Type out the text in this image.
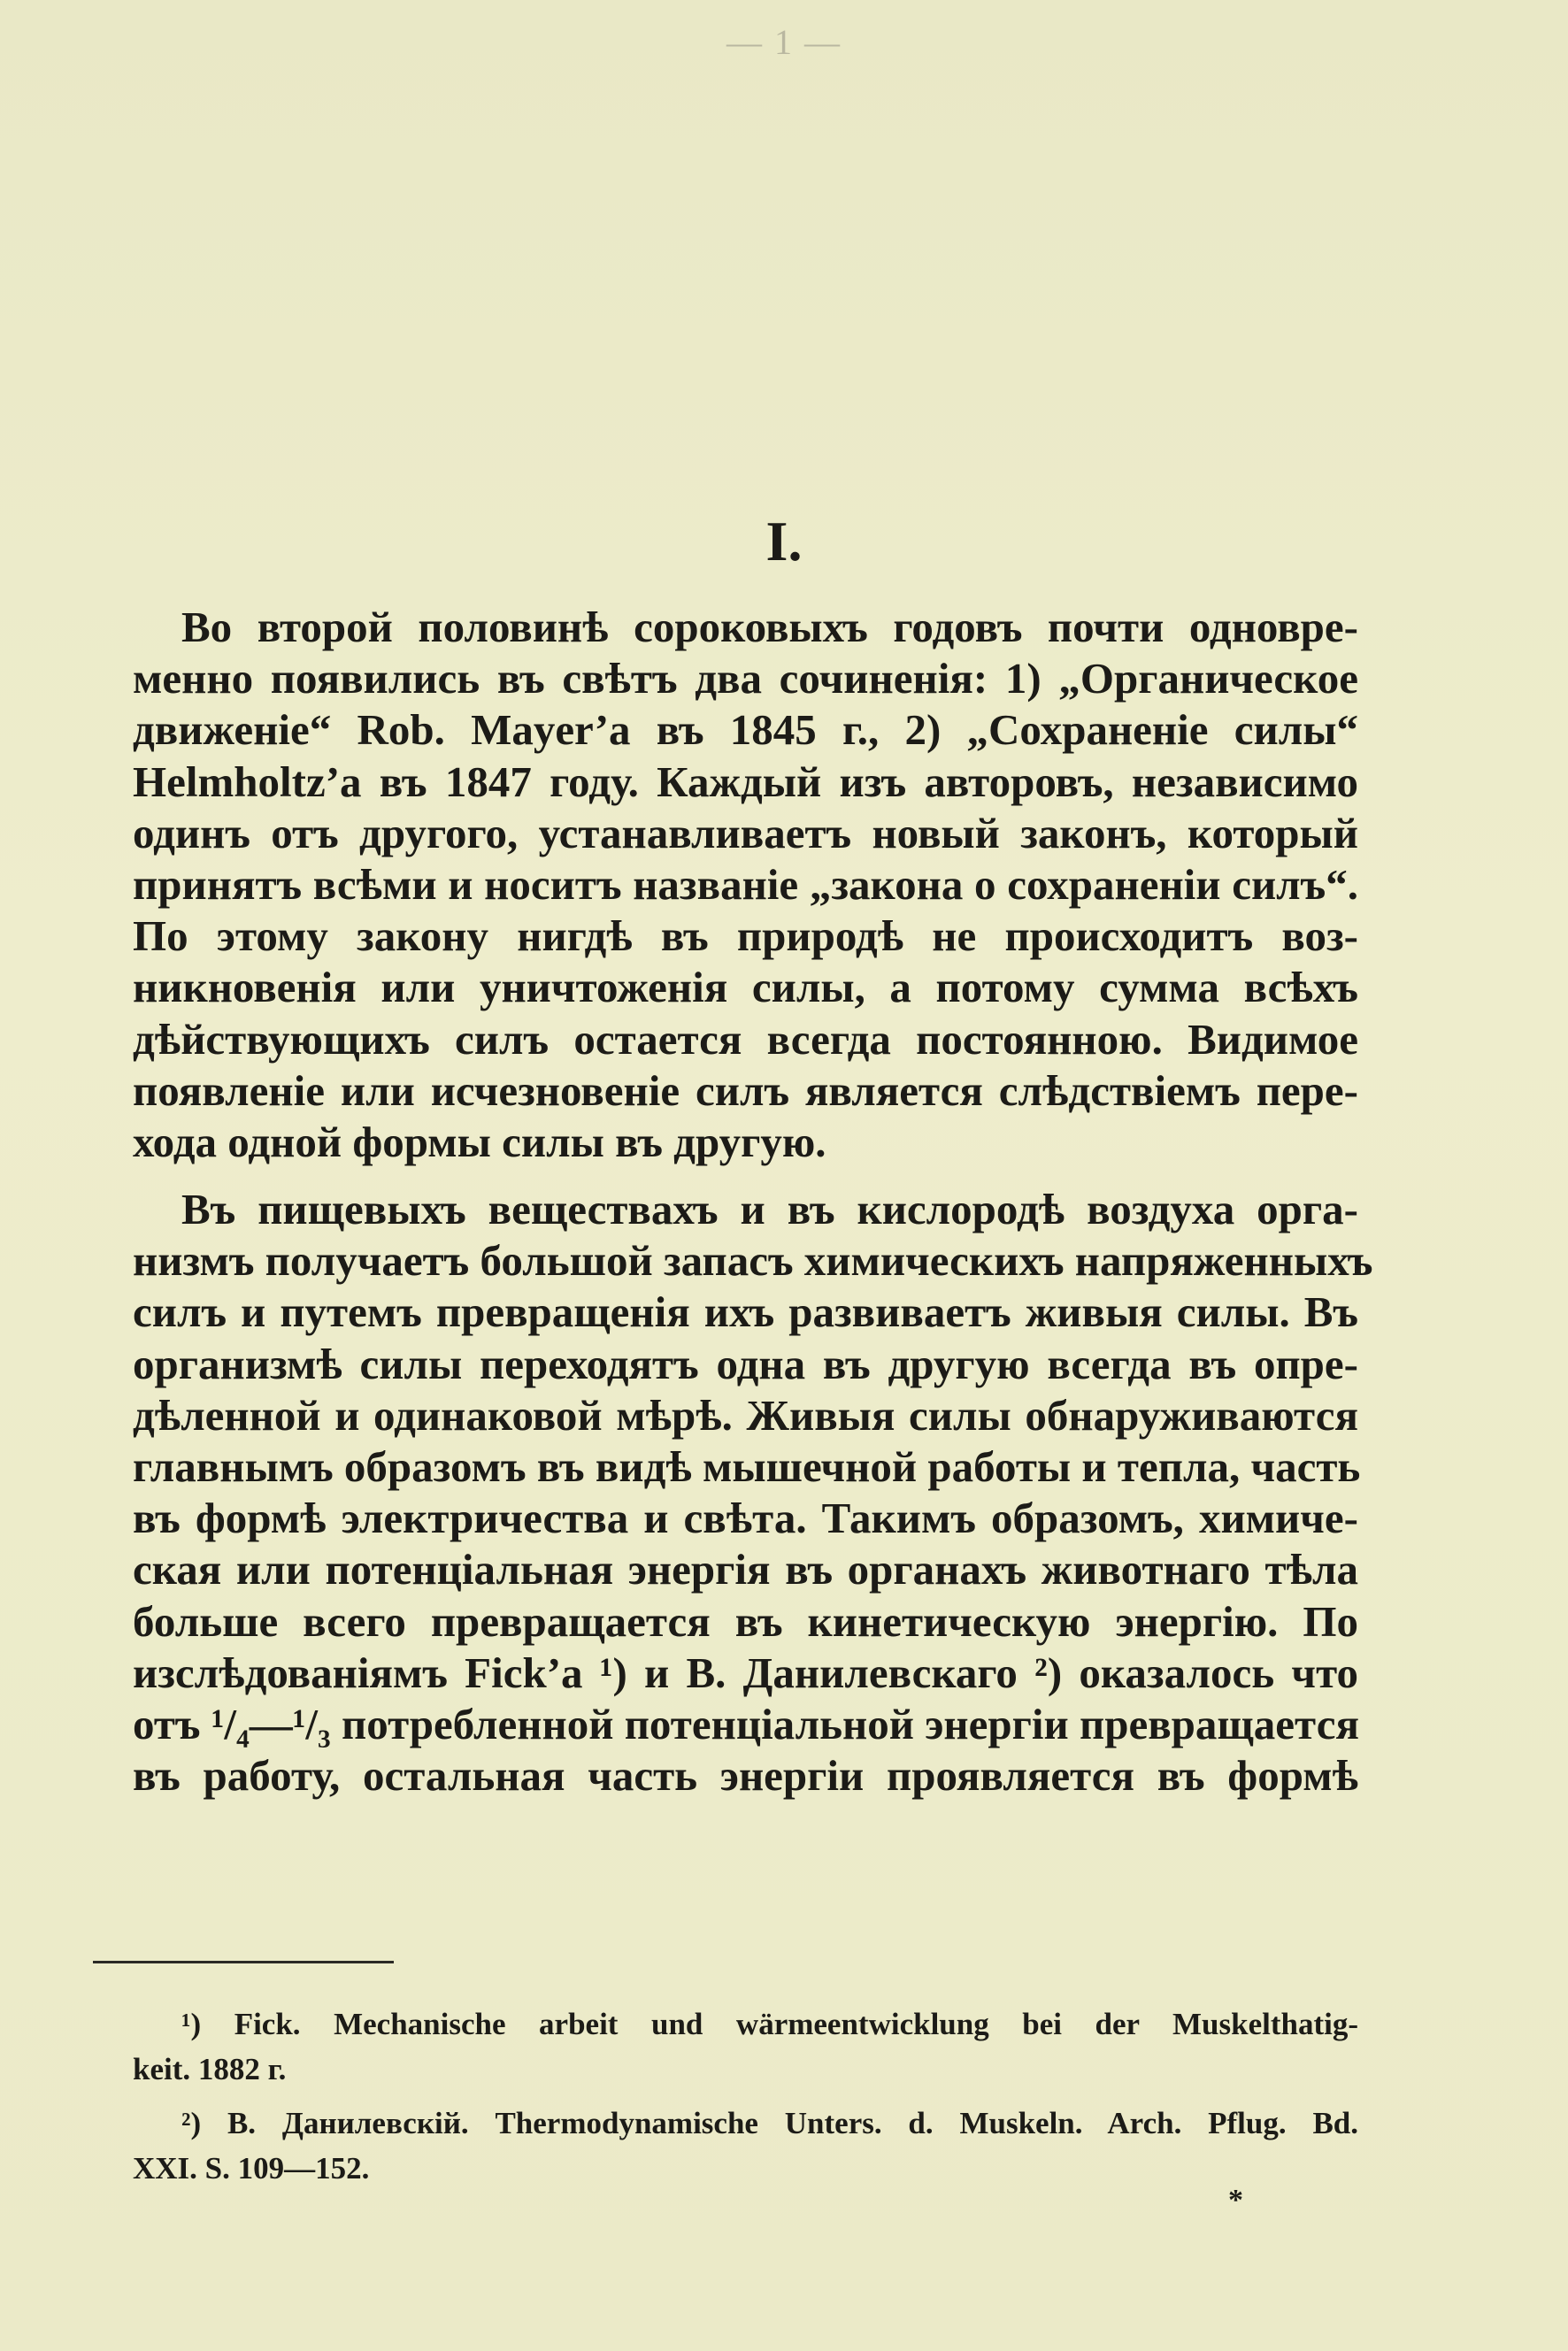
— 1 —
I.
Во второй половинѣ сороковыхъ годовъ почти одновре-
менно появились въ свѣтъ два сочиненія: 1) „Органическое
движеніе“ Rob. Mayer’a въ 1845 г., 2) „Сохраненіе силы“
Helmholtz’a въ 1847 году. Каждый изъ авторовъ, независимо
одинъ отъ другого, устанавливаетъ новый законъ, который
принятъ всѣми и носитъ названіе „закона о сохраненіи силъ“.
По этому закону нигдѣ въ природѣ не происходитъ воз-
никновенія или уничтоженія силы, а потому сумма всѣхъ
дѣйствующихъ силъ остается всегда постоянною. Видимое
появленіе или исчезновеніе силъ является слѣдствіемъ пере-
хода одной формы силы въ другую.
Въ пищевыхъ веществахъ и въ кислородѣ воздуха орга-
низмъ получаетъ большой запасъ химическихъ напряженныхъ
силъ и путемъ превращенія ихъ развиваетъ живыя силы. Въ
организмѣ силы переходятъ одна въ другую всегда въ опре-
дѣленной и одинаковой мѣрѣ. Живыя силы обнаруживаются
главнымъ образомъ въ видѣ мышечной работы и тепла, часть
въ формѣ электричества и свѣта. Такимъ образомъ, химиче-
ская или потенціальная энергія въ органахъ животнаго тѣла
больше всего превращается въ кинетическую энергію. По
изслѣдованіямъ Fick’a ¹) и В. Данилевскаго ²) оказалось что
отъ ¹/₄—¹/₃ потребленной потенціальной энергіи превращается
въ работу, остальная часть энергіи проявляется въ формѣ
¹) Fick. Mechanische arbeit und wärmeentwicklung bei der Muskelthatig-
keit. 1882 г.
²) В. Данилевскій. Thermodynamische Unters. d. Muskeln. Arch. Pflug. Bd.
XXI. S. 109—152.
*
